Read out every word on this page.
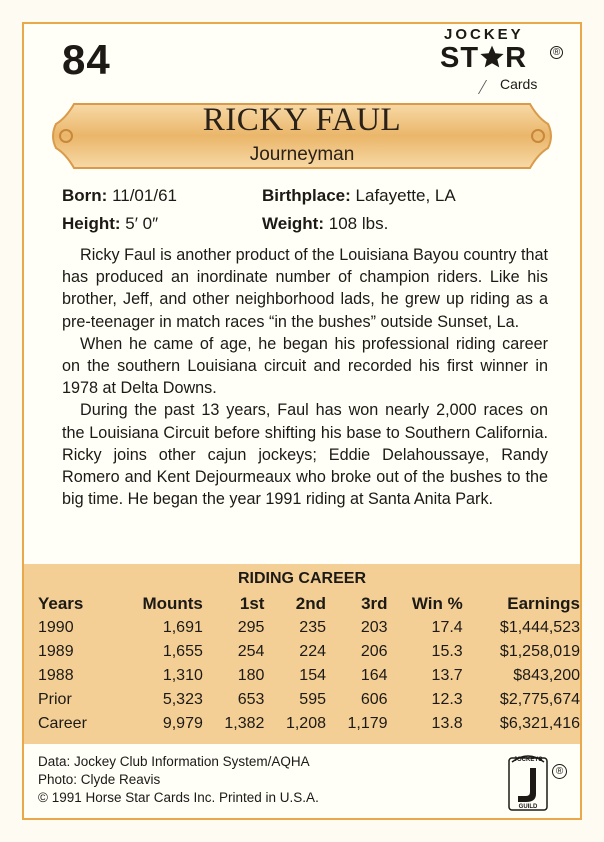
84
JOCKEY
ST R	®
Cards
RICKY FAUL
Journeyman
Born: 11/01/61	Birthplace: Lafayette, LA
Height: 5′ 0″	Weight: 108 lbs.

Ricky Faul is another product of the Louisiana Bayou country that has produced an inordinate number of champion riders. Like his brother, Jeff, and other neighborhood lads, he grew up riding as a pre-teenager in match races “in the bushes” outside Sunset, La.

When he came of age, he began his professional riding career on the southern Louisiana circuit and recorded his first winner in 1978 at Delta Downs.

During the past 13 years, Faul has won nearly 2,000 races on the Louisiana Circuit before shifting his base to Southern California. Ricky joins other cajun jockeys; Eddie Delahoussaye, Randy Romero and Kent Dejourmeaux who broke out of the bushes to the big time. He began the year 1991 riding at Santa Anita Park.

RIDING CAREER
Years	Mounts	1st	2nd	3rd	Win %	Earnings
1990	1,691	295	235	203	17.4	$1,444,523
1989	1,655	254	224	206	15.3	$1,258,019
1988	1,310	180	154	164	13.7	$843,200
Prior	5,323	653	595	606	12.3	$2,775,674
Career	9,979	1,382	1,208	1,179	13.8	$6,321,416
Data: Jockey Club Information System/AQHA
Photo: Clyde Reavis
© 1991 Horse Star Cards Inc. Printed in U.S.A.
JOCKEYS
GUILD
®
